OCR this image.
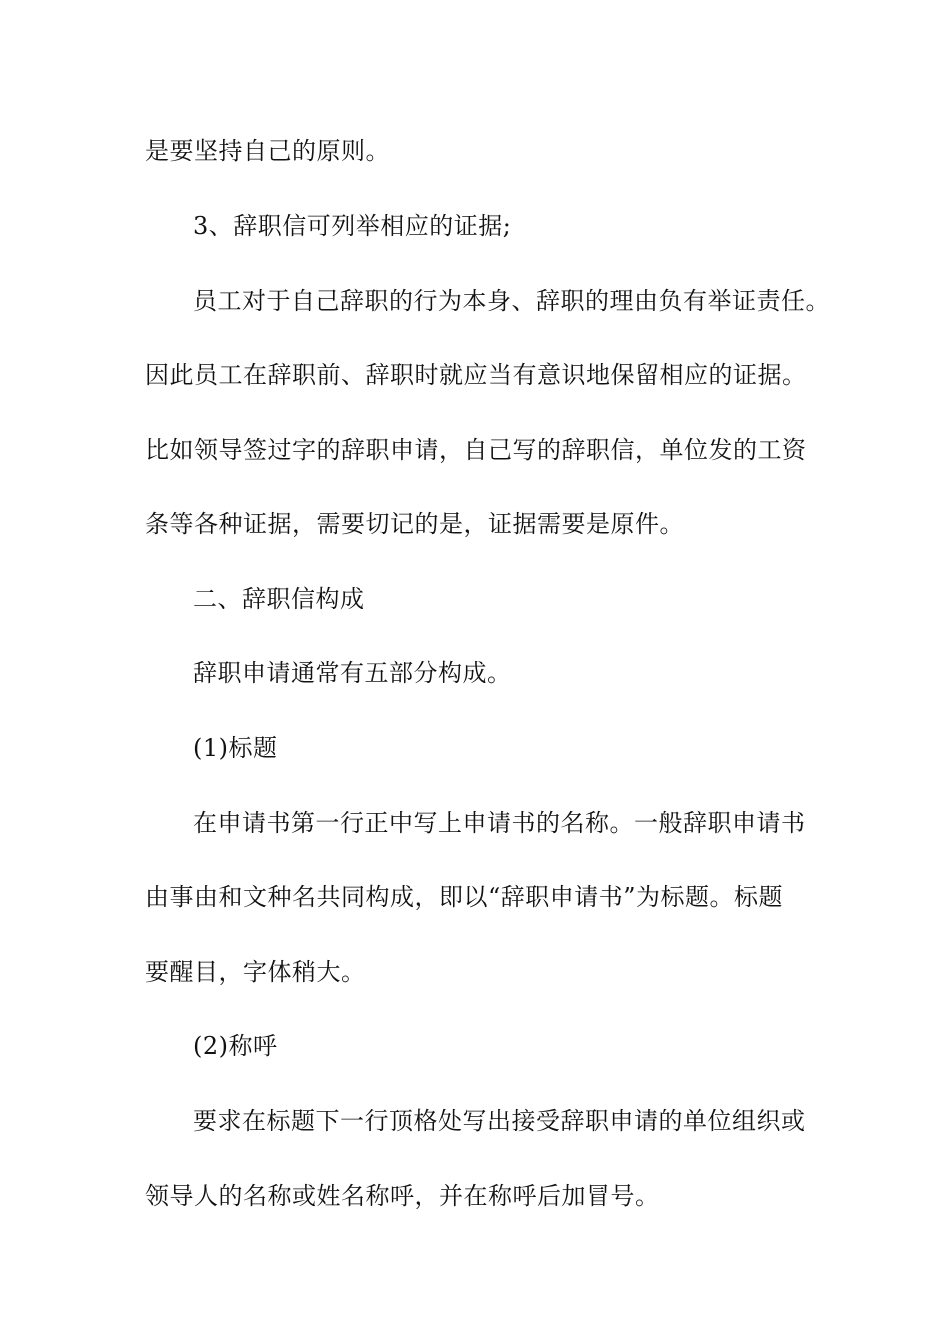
是要坚持自己的原则。
3、辞职信可列举相应的证据;
员工对于自己辞职的行为本身、辞职的理由负有举证责任。
因此员工在辞职前、辞职时就应当有意识地保留相应的证据。
比如领导签过字的辞职申请，自己写的辞职信，单位发的工资
条等各种证据，需要切记的是，证据需要是原件。
二、辞职信构成
辞职申请通常有五部分构成。
(1)标题
在申请书第一行正中写上申请书的名称。一般辞职申请书
由事由和文种名共同构成，即以“辞职申请书”为标题。标题
要醒目，字体稍大。
(2)称呼
要求在标题下一行顶格处写出接受辞职申请的单位组织或
领导人的名称或姓名称呼，并在称呼后加冒号。
